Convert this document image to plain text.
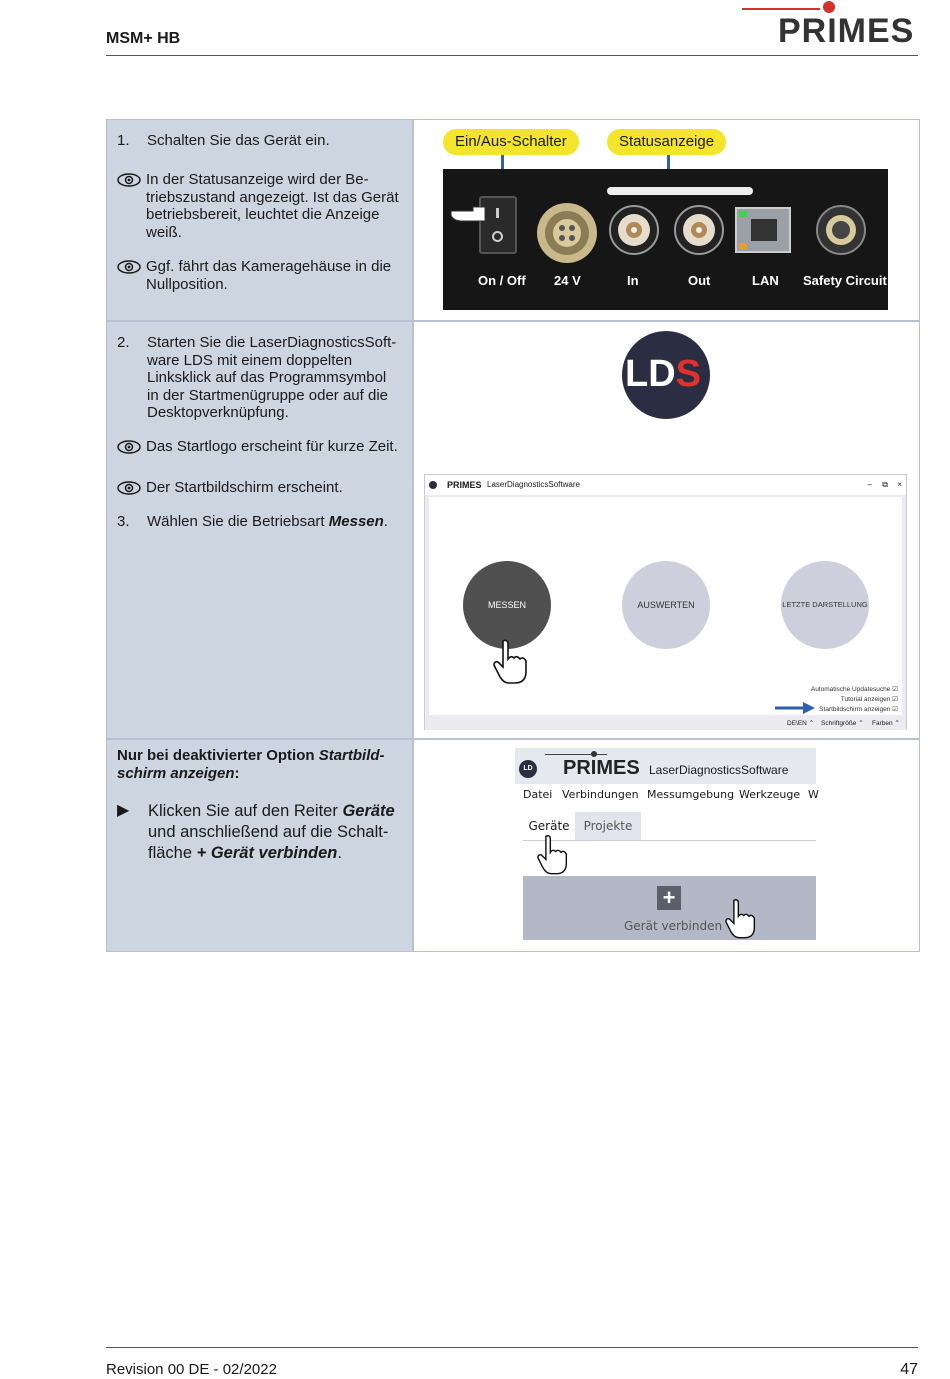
MSM+ HB	PRIMES
1. Schalten Sie das Gerät ein.
In der Statusanzeige wird der Be-
triebszustand angezeigt. Ist das Gerät
betriebsbereit, leuchtet die Anzeige
weiß.
Ggf. fährt das Kameragehäuse in die
Nullposition.
2. Starten Sie die LaserDiagnosticsSoft-
ware LDS mit einem doppelten
Linksklick auf das Programmsymbol
in der Startmenügruppe oder auf die
Desktopverknüpfung.
Das Startlogo erscheint für kurze Zeit.
Der Startbildschirm erscheint.
3. Wählen Sie die Betriebsart Messen.
Nur bei deaktivierter Option Startbild-
schirm anzeigen:
▶ Klicken Sie auf den Reiter Geräte
und anschließend auf die Schalt-
fläche + Gerät verbinden.
Ein/Aus-Schalter	Statusanzeige
On / Off 24 V	In	Out	LAN Safety Circuit
LDS
PRIMES LaserDiagnosticsSoftware	– ⧉ ×
MESSEN	AUSWERTEN	LETZTE DARSTELLUNG
Automatische Updatesuche ☑
Tutorial anzeigen ☑
Startbildschirm anzeigen ☑
DE\EN ⌃ Schriftgröße ⌃ Farben ⌃
LD PRIMES LaserDiagnosticsSoftware
Datei Verbindungen Messumgebung Werkzeuge W
Geräte	Projekte
+
Gerät verbinden
Revision 00 DE - 02/2022	47
